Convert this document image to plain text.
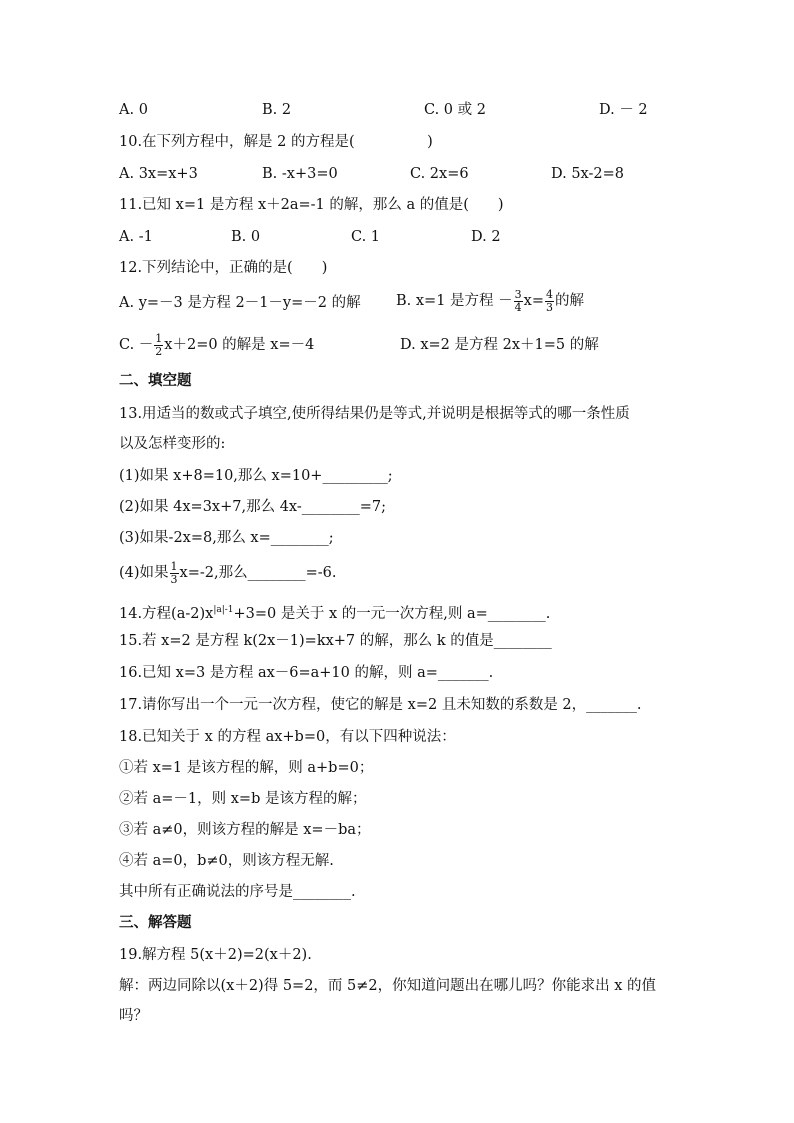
A. 0	B. 2	C. 0 或 2	D. － 2
10.在下列方程中，解是 2 的方程是(　　　　　)
A. 3x=x+3	B. -x+3=0	C. 2x=6	D. 5x-2=8
11.已知 x=1 是方程 x＋2a=-1 的解，那么 a 的值是(　　)
A. -1	B. 0	C. 1	D. 2
12.下列结论中，正确的是(　　)
A. y=－3 是方程 2－1－y=－2 的解 B. x=1 是方程 － $\frac{3}{4} x= \frac{4}{3}$ 的解
C. － $\frac{1}{2} x+2=0$ 的解是 x=－4	D. x=2 是方程 2x＋1=5 的解
二、填空题
13.用适当的数或式子填空,使所得结果仍是等式,并说明是根据等式的哪一条性质
以及怎样变形的:
(1)如果 x+8=10,那么 x=10+_________;
(2)如果 4x=3x+7,那么 4x-________=7;
(3)如果-2x=8,那么 x=________;
(4)如果 $\frac{1}{3} x=-2$,那么________=-6.
14.方程$(a-2)x^{|a|-1}+3=0$ 是关于 x 的一元一次方程,则 a=________.
15.若 x=2 是方程 k(2x－1)=kx+7 的解，那么 k 的值是________
16.已知 x=3 是方程 ax－6=a+10 的解，则 a=_______.
17.请你写出一个一元一次方程，使它的解是 x=2 且未知数的系数是 2，_______.
18.已知关于 x 的方程 ax+b=0，有以下四种说法：
①若 x=1 是该方程的解，则 a+b=0；
②若 a=－1，则 x=b 是该方程的解；
③若 a≠0，则该方程的解是 x=－ba；
④若 a=0，b≠0，则该方程无解.
其中所有正确说法的序号是________.
三、解答题
19.解方程 5(x＋2)=2(x＋2).
解：两边同除以(x＋2)得 5=2，而 5≠2，你知道问题出在哪儿吗？你能求出 x 的值
吗？
